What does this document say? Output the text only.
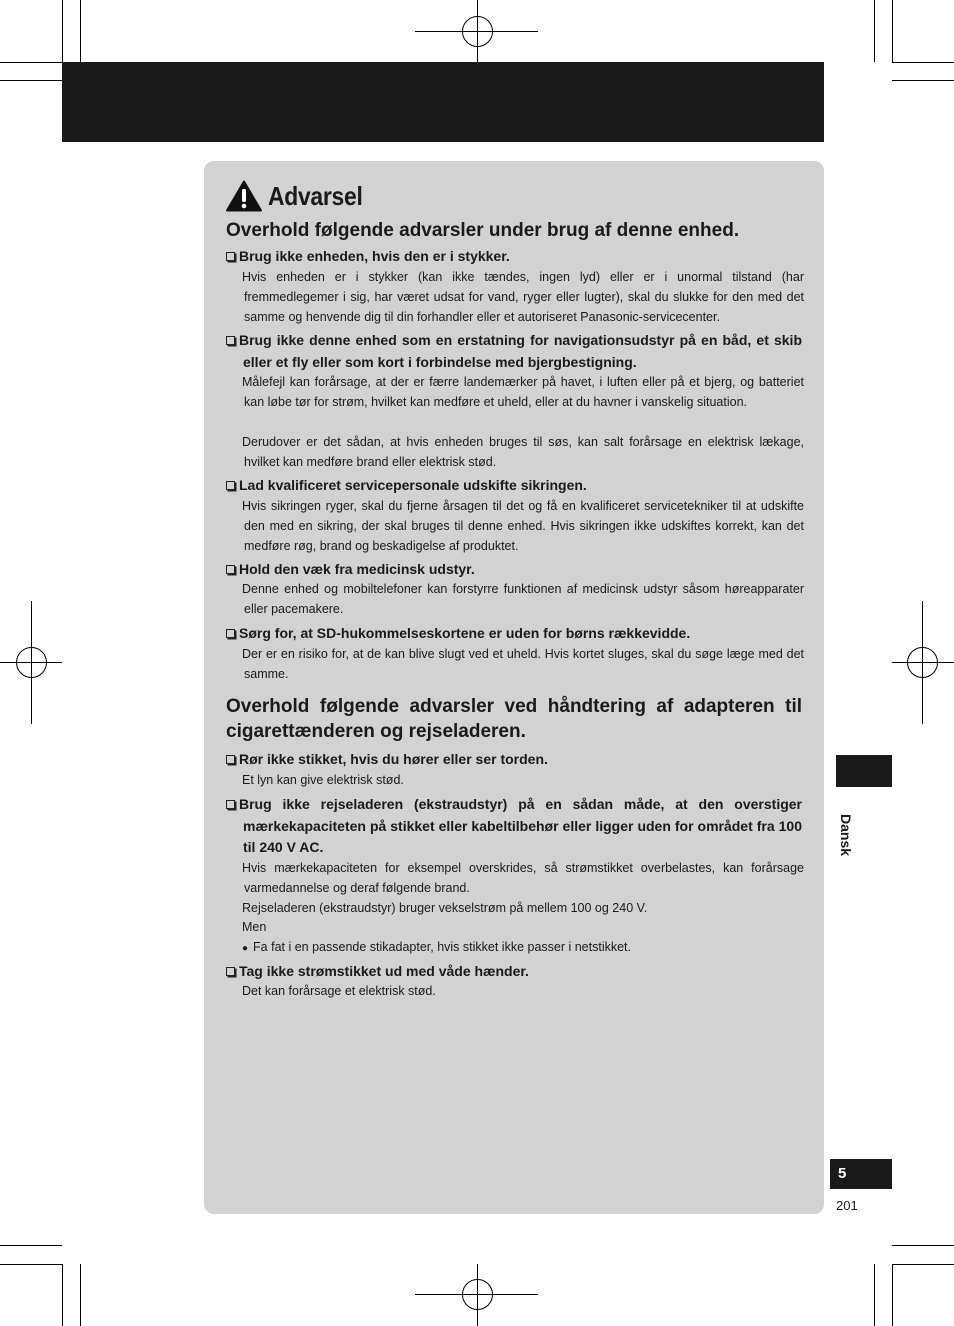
Advarsel
Overhold følgende advarsler under brug af denne enhed.
Brug ikke enheden, hvis den er i stykker.
Hvis enheden er i stykker (kan ikke tændes, ingen lyd) eller er i unormal tilstand (har fremmedlegemer i sig, har været udsat for vand, ryger eller lugter), skal du slukke for den med det samme og henvende dig til din forhandler eller et autoriseret Panasonic-servicecenter.
Brug ikke denne enhed som en erstatning for navigationsudstyr på en båd, et skib eller et fly eller som kort i forbindelse med bjergbestigning.
Målefejl kan forårsage, at der er færre landemærker på havet, i luften eller på et bjerg, og batteriet kan løbe tør for strøm, hvilket kan medføre et uheld, eller at du havner i vanskelig situation.
Derudover er det sådan, at hvis enheden bruges til søs, kan salt forårsage en elektrisk lækage, hvilket kan medføre brand eller elektrisk stød.
Lad kvalificeret servicepersonale udskifte sikringen.
Hvis sikringen ryger, skal du fjerne årsagen til det og få en kvalificeret servicetekniker til at udskifte den med en sikring, der skal bruges til denne enhed. Hvis sikringen ikke udskiftes korrekt, kan det medføre røg, brand og beskadigelse af produktet.
Hold den væk fra medicinsk udstyr.
Denne enhed og mobiltelefoner kan forstyrre funktionen af medicinsk udstyr såsom høreapparater eller pacemakere.
Sørg for, at SD-hukommelseskortene er uden for børns rækkevidde.
Der er en risiko for, at de kan blive slugt ved et uheld. Hvis kortet sluges, skal du søge læge med det samme.
Overhold følgende advarsler ved håndtering af adapteren til cigarettænderen og rejseladeren.
Rør ikke stikket, hvis du hører eller ser torden.
Et lyn kan give elektrisk stød.
Brug ikke rejseladeren (ekstraudstyr) på en sådan måde, at den overstiger mærkekapaciteten på stikket eller kabeltilbehør eller ligger uden for området fra 100 til 240 V AC.
Hvis mærkekapaciteten for eksempel overskrides, så strømstikket overbelastes, kan forårsage varmedannelse og deraf følgende brand.
Rejseladeren (ekstraudstyr) bruger vekselstrøm på mellem 100 og 240 V.
Men
● Fa fat i en passende stikadapter, hvis stikket ikke passer i netstikket.
Tag ikke strømstikket ud med våde hænder.
Det kan forårsage et elektrisk stød.
Dansk
5
201
